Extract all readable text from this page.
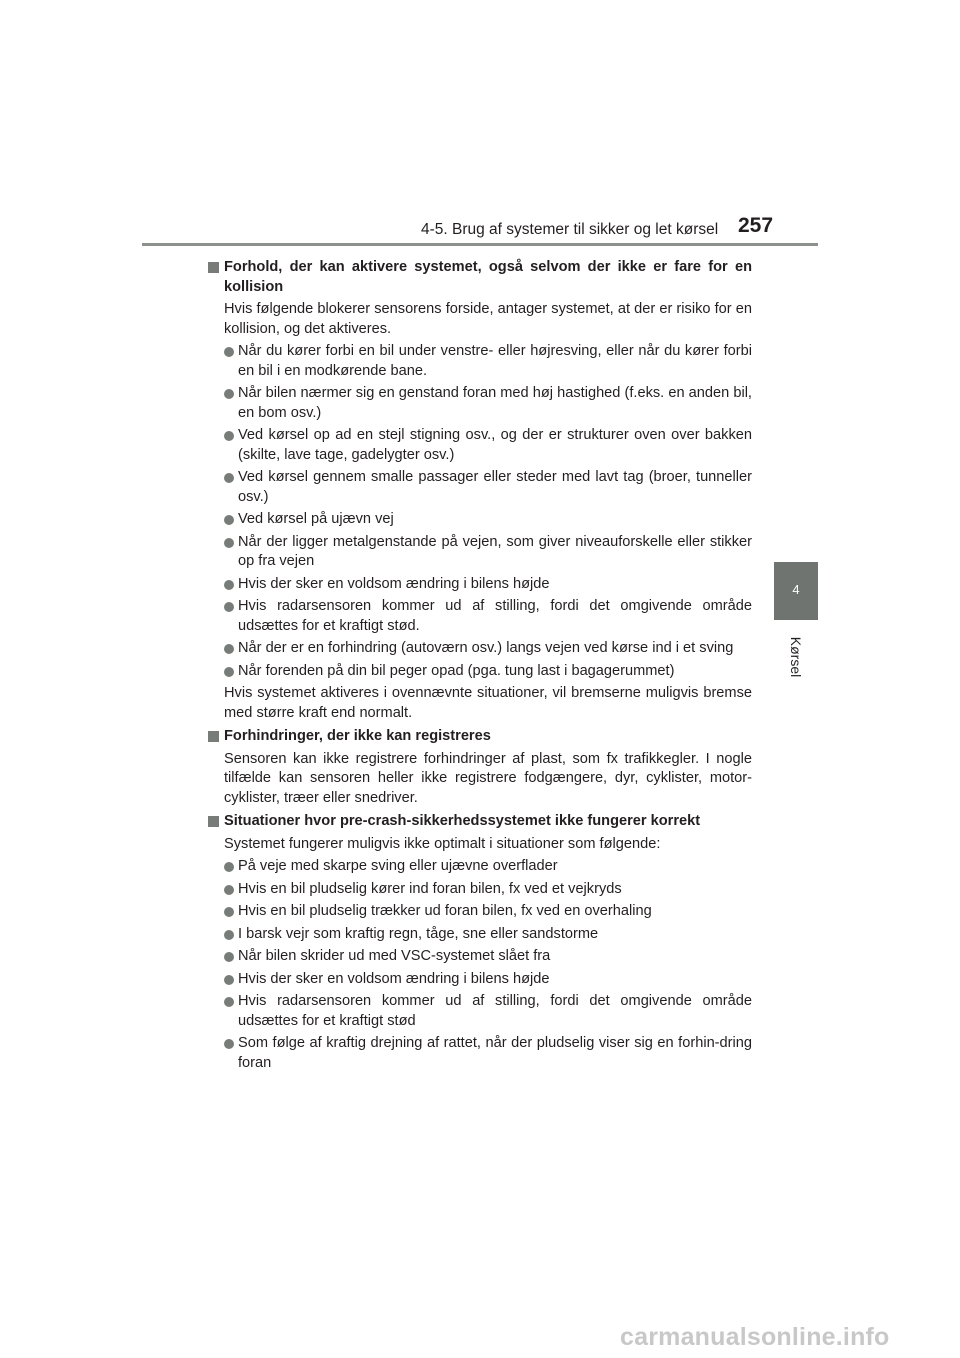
4-5. Brug af systemer til sikker og let kørsel 257
4
Kørsel
Forhold, der kan aktivere systemet, også selvom der ikke er fare for en kollision
Hvis følgende blokerer sensorens forside, antager systemet, at der er risiko for en kollision, og det aktiveres.
Når du kører forbi en bil under venstre- eller højresving, eller når du kører forbi en bil i en modkørende bane.
Når bilen nærmer sig en genstand foran med høj hastighed (f.eks. en anden bil, en bom osv.)
Ved kørsel op ad en stejl stigning osv., og der er strukturer oven over bakken (skilte, lave tage, gadelygter osv.)
Ved kørsel gennem smalle passager eller steder med lavt tag (broer, tunneller osv.)
Ved kørsel på ujævn vej
Når der ligger metalgenstande på vejen, som giver niveauforskelle eller stikker op fra vejen
Hvis der sker en voldsom ændring i bilens højde
Hvis radarsensoren kommer ud af stilling, fordi det omgivende område udsættes for et kraftigt stød.
Når der er en forhindring (autoværn osv.) langs vejen ved kørse ind i et sving
Når forenden på din bil peger opad (pga. tung last i bagagerummet)
Hvis systemet aktiveres i ovennævnte situationer, vil bremserne muligvis bremse med større kraft end normalt.
Forhindringer, der ikke kan registreres
Sensoren kan ikke registrere forhindringer af plast, som fx trafikkegler. I nogle tilfælde kan sensoren heller ikke registrere fodgængere, dyr, cyklister, motor-cyklister, træer eller snedriver.
Situationer hvor pre-crash-sikkerhedssystemet ikke fungerer korrekt
Systemet fungerer muligvis ikke optimalt i situationer som følgende:
På veje med skarpe sving eller ujævne overflader
Hvis en bil pludselig kører ind foran bilen, fx ved et vejkryds
Hvis en bil pludselig trækker ud foran bilen, fx ved en overhaling
I barsk vejr som kraftig regn, tåge, sne eller sandstorme
Når bilen skrider ud med VSC-systemet slået fra
Hvis der sker en voldsom ændring i bilens højde
Hvis radarsensoren kommer ud af stilling, fordi det omgivende område udsættes for et kraftigt stød
Som følge af kraftig drejning af rattet, når der pludselig viser sig en forhin-dring foran
carmanualsonline.info
